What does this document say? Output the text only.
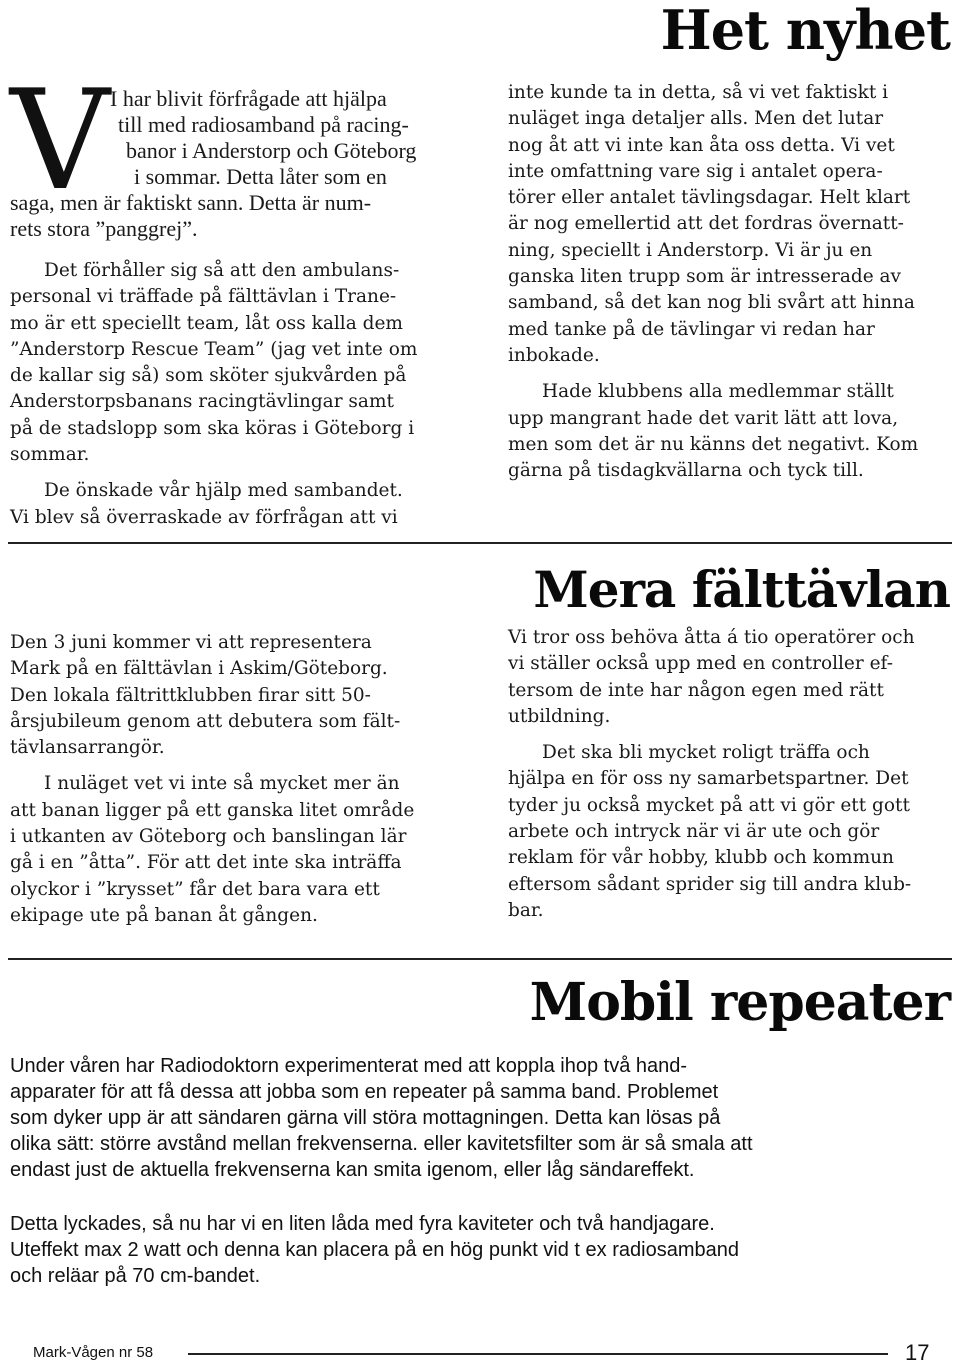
Het nyhet
V I har blivit förfrågade att hjälpa

till med radiosamband på racing-

banor i Anderstorp och Göteborg

i sommar. Detta låter som en

saga, men är faktiskt sann. Detta är num-

rets stora ”panggrej”.

Det förhåller sig så att den ambulans-

personal vi träffade på fälttävlan i Trane-

mo är ett speciellt team, låt oss kalla dem

”Anderstorp Rescue Team” (jag vet inte om

de kallar sig så) som sköter sjukvården på

Anderstorpsbanans racingtävlingar samt

på de stadslopp som ska köras i Göteborg i

sommar.

De önskade vår hjälp med sambandet.

Vi blev så överraskade av förfrågan att vi

inte kunde ta in detta, så vi vet faktiskt i

nuläget inga detaljer alls. Men det lutar

nog åt att vi inte kan åta oss detta. Vi vet

inte omfattning vare sig i antalet opera-

törer eller antalet tävlingsdagar. Helt klart

är nog emellertid att det fordras övernatt-

ning, speciellt i Anderstorp. Vi är ju en

ganska liten trupp som är intresserade av

samband, så det kan nog bli svårt att hinna

med tanke på de tävlingar vi redan har

inbokade.

Hade klubbens alla medlemmar ställt

upp mangrant hade det varit lätt att lova,

men som det är nu känns det negativt. Kom

gärna på tisdagkvällarna och tyck till.

Mera fälttävlan

Den 3 juni kommer vi att representera

Mark på en fälttävlan i Askim/Göteborg.

Den lokala fältrittklubben firar sitt 50-

årsjubileum genom att debutera som fält-

tävlansarrangör.

I nuläget vet vi inte så mycket mer än

att banan ligger på ett ganska litet område

i utkanten av Göteborg och banslingan lär

gå i en ”åtta”. För att det inte ska inträffa

olyckor i ”krysset” får det bara vara ett

ekipage ute på banan åt gången.

Vi tror oss behöva åtta á tio operatörer och

vi ställer också upp med en controller ef-

tersom de inte har någon egen med rätt

utbildning.

Det ska bli mycket roligt träffa och

hjälpa en för oss ny samarbetspartner. Det

tyder ju också mycket på att vi gör ett gott

arbete och intryck när vi är ute och gör

reklam för vår hobby, klubb och kommun

eftersom sådant sprider sig till andra klub-

bar.

Mobil repeater

Under våren har Radiodoktorn experimenterat med att koppla ihop två hand-

apparater för att få dessa att jobba som en repeater på samma band. Problemet

som dyker upp är att sändaren gärna vill störa mottagningen. Detta kan lösas på

olika sätt: större avstånd mellan frekvenserna. eller kavitetsfilter som är så smala att

endast just de aktuella frekvenserna kan smita igenom, eller låg sändareffekt.

Detta lyckades, så nu har vi en liten låda med fyra kaviteter och två handjagare.

Uteffekt max 2 watt och denna kan placera på en hög punkt vid t ex radiosamband

och reläar på 70 cm-bandet.

Mark-Vågen nr 58	17
